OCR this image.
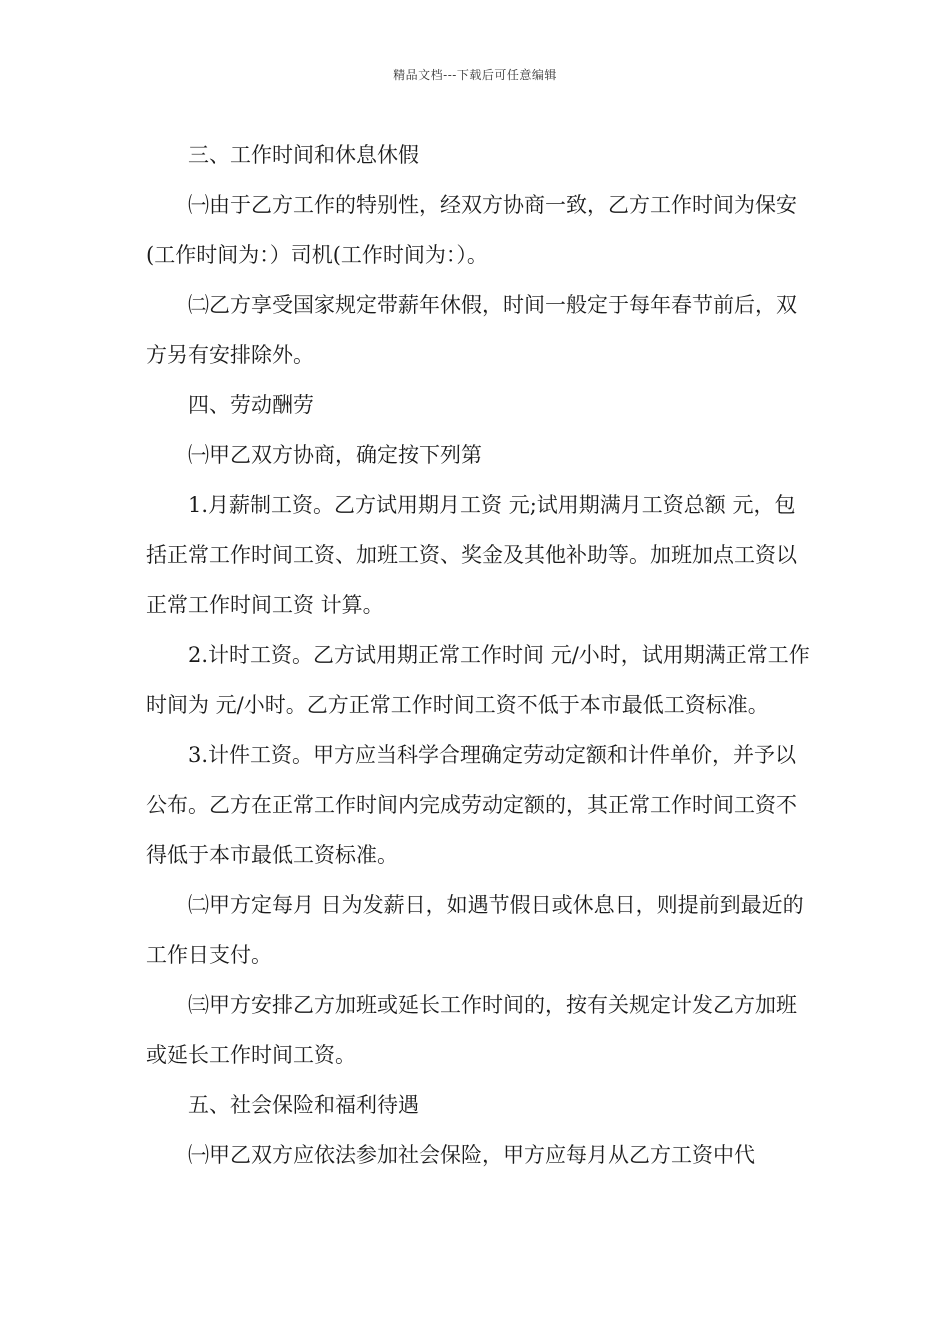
精品文档---下载后可任意编辑

三、工作时间和休息休假

㈠由于乙方工作的特别性，经双方协商一致，乙方工作时间为保安(工作时间为：）司机(工作时间为：）。

㈡乙方享受国家规定带薪年休假，时间一般定于每年春节前后，双方另有安排除外。

四、劳动酬劳

㈠甲乙双方协商，确定按下列第

1.月薪制工资。乙方试用期月工资 元;试用期满月工资总额 元，包括正常工作时间工资、加班工资、奖金及其他补助等。加班加点工资以正常工作时间工资 计算。

2.计时工资。乙方试用期正常工作时间 元/小时，试用期满正常工作时间为 元/小时。乙方正常工作时间工资不低于本市最低工资标准。

3.计件工资。甲方应当科学合理确定劳动定额和计件单价，并予以公布。乙方在正常工作时间内完成劳动定额的，其正常工作时间工资不得低于本市最低工资标准。

㈡甲方定每月 日为发薪日，如遇节假日或休息日，则提前到最近的工作日支付。

㈢甲方安排乙方加班或延长工作时间的，按有关规定计发乙方加班或延长工作时间工资。

五、社会保险和福利待遇

㈠甲乙双方应依法参加社会保险，甲方应每月从乙方工资中代
